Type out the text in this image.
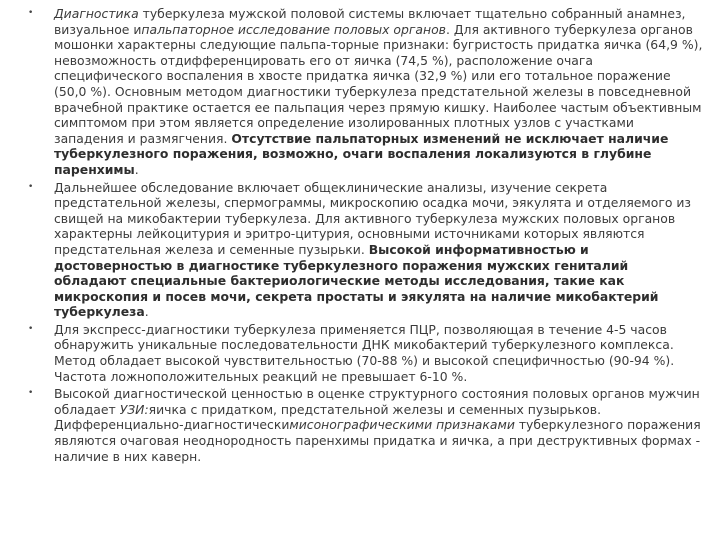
•	Диагностика туберкулеза мужской половой системы включает тщательно собранный анамнез, визуальное ипальпаторное исследование половых органов. Для активного туберкулеза органов мошонки характерны следующие пальпа-торные признаки: бугристость придатка яичка (64,9 %), невозможность отдифференцировать его от яичка (74,5 %), расположение очага специфического воспаления в хвосте придатка яичка (32,9 %) или его тотальное поражение (50,0 %). Основным методом диагностики туберкулеза предстательной железы в повседневной врачебной практике остается ее пальпация через прямую кишку. Наиболее частым объективным симптомом при этом является определение изолированных плотных узлов с участками западения и размягчения. Отсутствие пальпаторных изменений не исключает наличие туберкулезного поражения, возможно, очаги воспаления локализуются в глубине паренхимы.
•	Дальнейшее обследование включает общеклинические анализы, изучение секрета предстательной железы, спермограммы, микроскопию осадка мочи, эякулята и отделяемого из свищей на микобактерии туберкулеза. Для активного туберкулеза мужских половых органов характерны лейкоцитурия и эритро-цитурия, основными источниками которых являются предстательная железа и семенные пузырьки. Высокой информативностью и достоверностью в диагностике туберкулезного поражения мужских гениталий обладают специальные бактериологические методы исследования, такие как микроскопия и посев мочи, секрета простаты и эякулята на наличие микобактерий туберкулеза.
•	Для экспресс-диагностики туберкулеза применяется ПЦР, позволяющая в течение 4-5 часов обнаружить уникальные последовательности ДНК микобактерий туберкулезного комплекса. Метод обладает высокой чувствительностью (70-88 %) и высокой специфичностью (90-94 %). Частота ложноположительных реакций не превышает 6-10 %.
•	Высокой диагностической ценностью в оценке структурного состояния половых органов мужчин обладает УЗИ:яичка с придатком, предстательной железы и семенных пузырьков. Дифференциально-диагностическимисонографическими признаками туберкулезного поражения являются очаговая неоднородность паренхимы придатка и яичка, а при деструктивных формах - наличие в них каверн.
